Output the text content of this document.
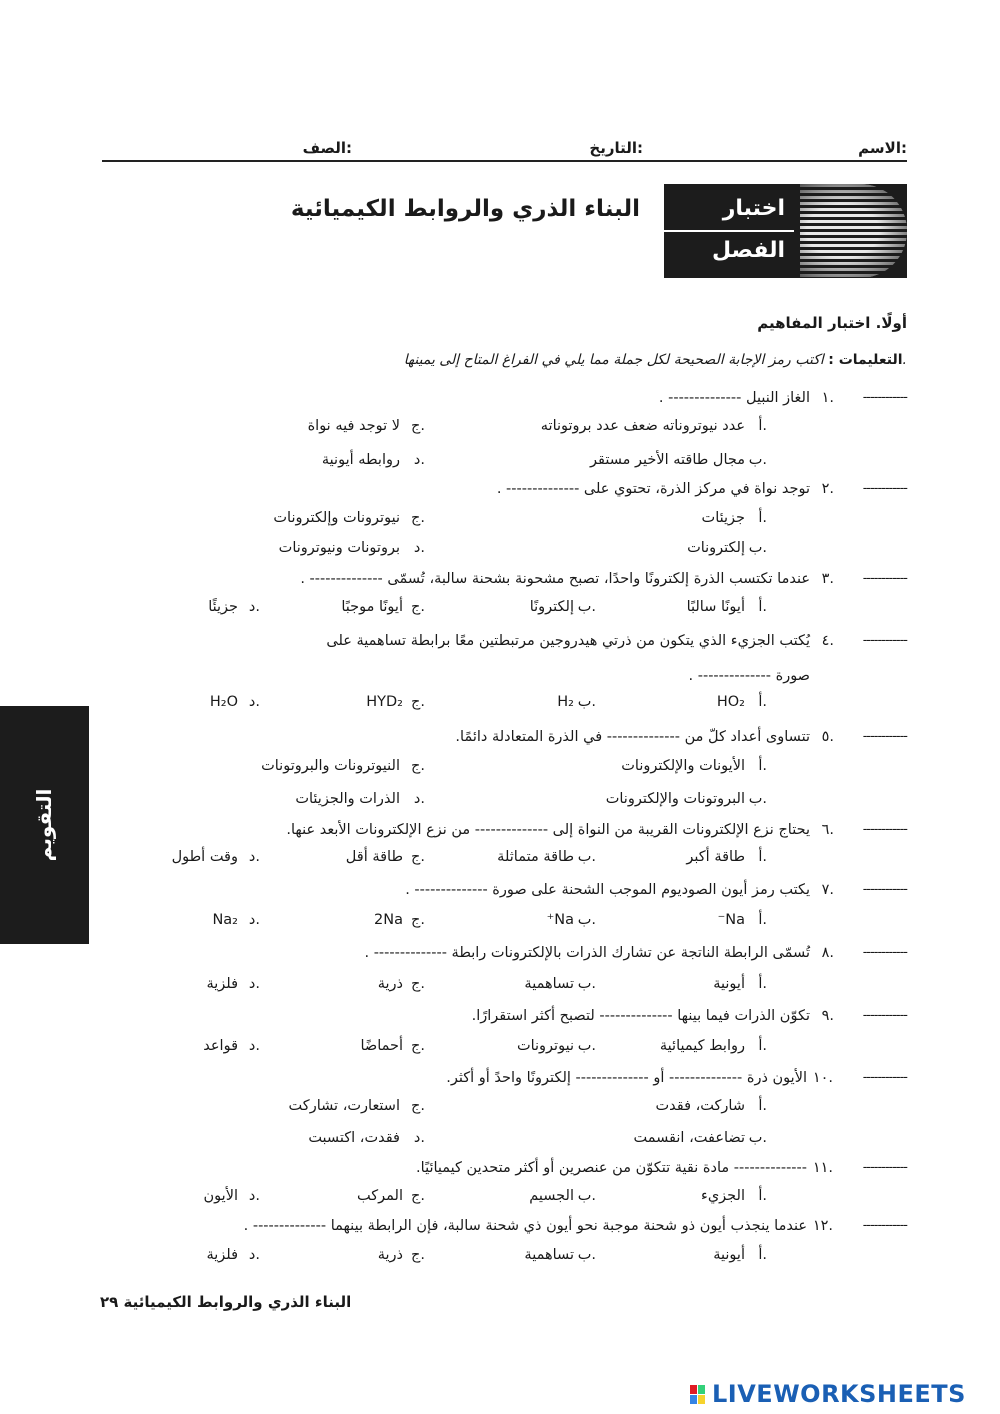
الاسم:
التاريخ:
الصف:
اختبار
الفصل
البناء الذري والروابط الكيميائية
أولًا. اختبار المفاهيم
التعليمات : اكتب رمز الإجابة الصحيحة لكل جملة مما يلي في الفراغ المتاح إلى يمينها.
------------
١.
الغاز النبيل -------------- .
أ.
عدد نيوتروناته ضعف عدد بروتوناته
ج.
لا توجد فيه نواة
ب.
مجال طاقته الأخير مستقر
د.
روابطه أيونية
------------
٢.
توجد نواة في مركز الذرة، تحتوي على -------------- .
أ.
جزيئات
ج.
نيوترونات وإلكترونات
ب.
إلكترونات
د.
بروتونات ونيوترونات
------------
٣.
عندما تكتسب الذرة إلكترونًا واحدًا، تصبح مشحونة بشحنة سالبة، تُسمّى -------------- .
أ.
أيونًا سالبًا
ب.
إلكترونًا
ج.
أيونًا موجبًا
د.
جزيئًا
------------
٤.
يُكتب الجزيء الذي يتكون من ذرتي هيدروجين مرتبطتين معًا برابطة تساهمية على
صورة -------------- .
أ.
HO₂
ب.
H₂
ج.
HYD₂
د.
H₂O
------------
٥.
تتساوى أعداد كلّ من -------------- في الذرة المتعادلة دائمًا.
أ.
الأيونات والإلكترونات
ج.
النيوترونات والبروتونات
ب.
البروتونات والإلكترونات
د.
الذرات والجزيئات
------------
٦.
يحتاج نزع الإلكترونات القريبة من النواة إلى -------------- من نزع الإلكترونات الأبعد عنها.
أ.
طاقة أكبر
ب.
طاقة متماثلة
ج.
طاقة أقل
د.
وقت أطول
------------
٧.
يكتب رمز أيون الصوديوم الموجب الشحنة على صورة -------------- .
أ.
Na⁻
ب.
Na⁺
ج.
2Na
د.
Na₂
------------
٨.
تُسمّى الرابطة الناتجة عن تشارك الذرات بالإلكترونات رابطة -------------- .
أ.
أيونية
ب.
تساهمية
ج.
ذرية
د.
فلزية
------------
٩.
تكوّن الذرات فيما بينها -------------- لتصبح أكثر استقرارًا.
أ.
روابط كيميائية
ب.
نيوترونات
ج.
أحماضًا
د.
قواعد
------------
١٠.
الأيون ذرة -------------- أو -------------- إلكترونًا واحدً أو أكثر.
أ.
شاركت، فقدت
ج.
استعارت، تشاركت
ب.
تضاعفت، انقسمت
د.
فقدت، اكتسبت
------------
١١.
-------------- مادة نقية تتكوّن من عنصرين أو أكثر متحدين كيميائيًا.
أ.
الجزيء
ب.
الجسيم
ج.
المركب
د.
الأيون
------------
١٢.
عندما ينجذب أيون ذو شحنة موجبة نحو أيون ذي شحنة سالبة، فإن الرابطة بينهما -------------- .
أ.
أيونية
ب.
تساهمية
ج.
ذرية
د.
فلزية
التقويم
البناء الذري والروابط الكيميائية ٢٩
LIVEWORKSHEETS
